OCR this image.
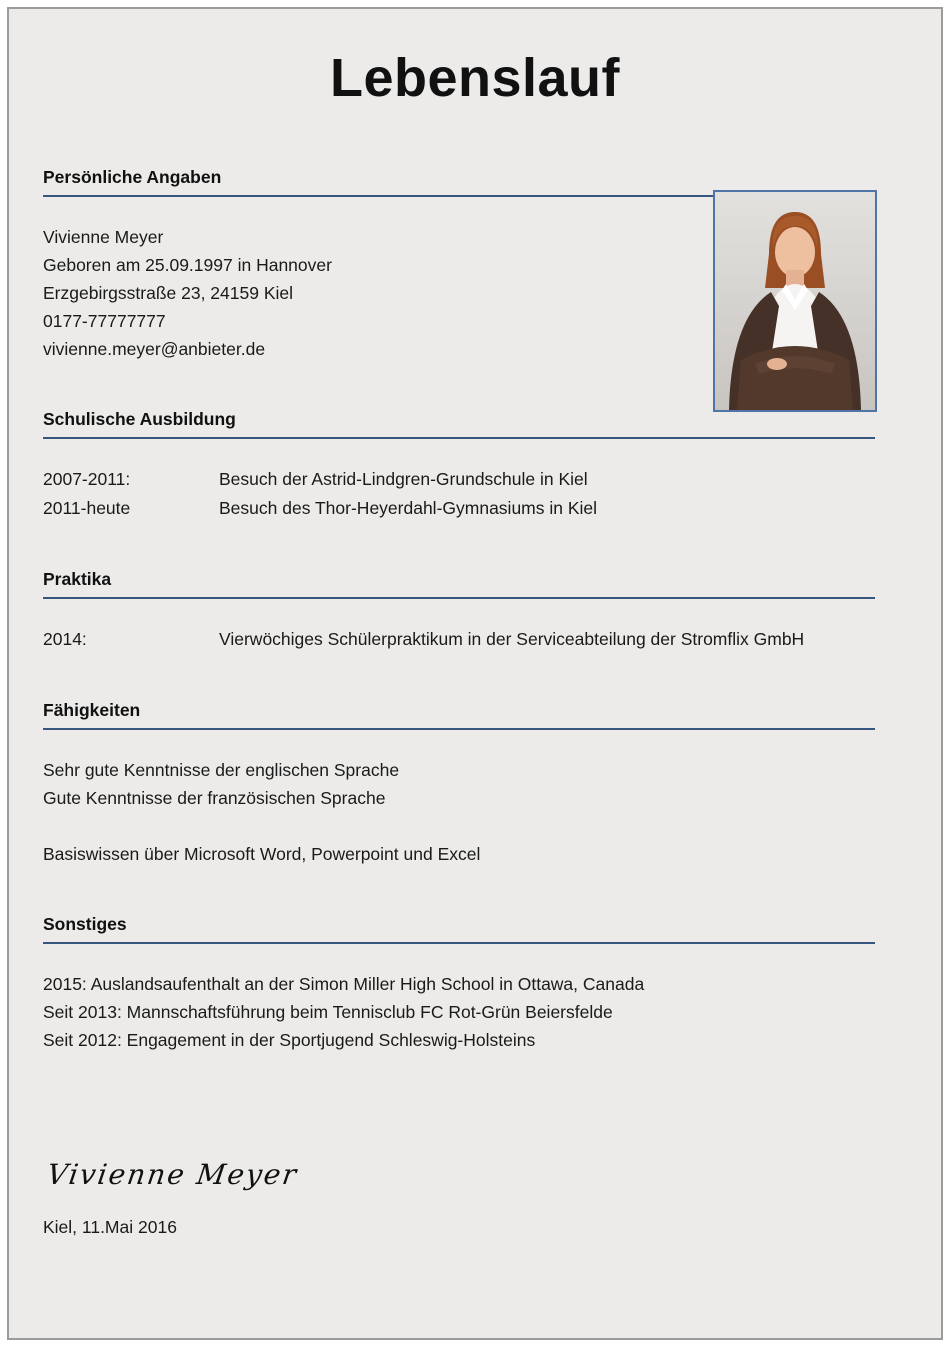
Lebenslauf
Persönliche Angaben
Vivienne Meyer
Geboren am 25.09.1997 in Hannover
Erzgebirgsstraße 23, 24159 Kiel
0177-77777777
vivienne.meyer@anbieter.de
Schulische Ausbildung
2007-2011:	Besuch der Astrid-Lindgren-Grundschule in Kiel
2011-heute	Besuch des Thor-Heyerdahl-Gymnasiums in Kiel
Praktika
2014:	Vierwöchiges Schülerpraktikum in der Serviceabteilung der Stromflix GmbH
Fähigkeiten
Sehr gute Kenntnisse der englischen Sprache
Gute Kenntnisse der französischen Sprache
Basiswissen über Microsoft Word, Powerpoint und Excel
Sonstiges
2015: Auslandsaufenthalt an der Simon Miller High School in Ottawa, Canada
Seit 2013: Mannschaftsführung beim Tennisclub FC Rot-Grün Beiersfelde
Seit 2012: Engagement in der Sportjugend Schleswig-Holsteins
Vivienne Meyer
Kiel, 11.Mai 2016
